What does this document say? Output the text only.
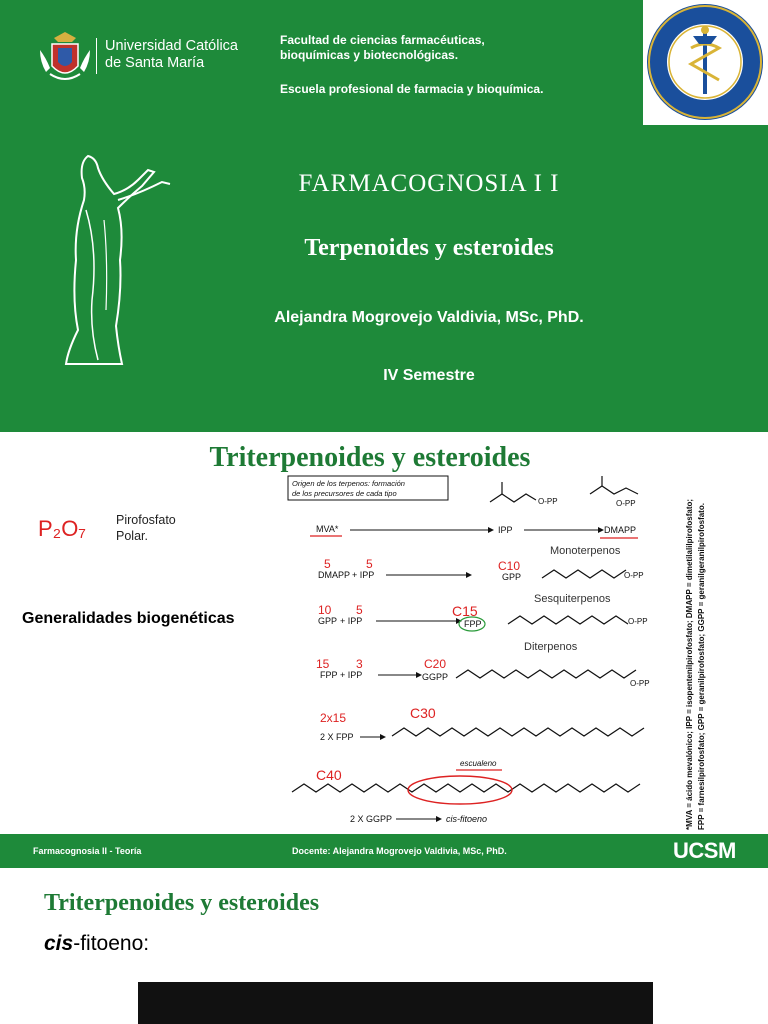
Universidad Católica
de Santa María
Facultad de ciencias farmacéuticas,
bioquímicas y biotecnológicas.
Escuela profesional de farmacia y bioquímica.
FARMACOGNOSIA I I
Terpenoides y esteroides
Alejandra Mogrovejo Valdivia, MSc, PhD.
IV Semestre
Triterpenoides y esteroides
P₂O₇ Pirofosfato
Polar.
Generalidades biogenéticas
Origen de los terpenos: formación
de los precursores de cada tipo
O-PP	O-PP
MVA*	IPP	DMAPP
Monoterpenos
5	5
DMAPP + IPP
C10
GPP	O-PP
Sesquiterpenos
10 5
GPP + IPP
C15
FPP	O-PP
Diterpenos
15 3
FPP + IPP
C20
GGPP
O-PP
2x15	C30
2 X FPP
escualeno
C40
2 X GGPP	cis-fitoeno	*MVA = ácido mevalónico; IPP = isopentenilpirofosfato; DMAPP = dimetilalilpirofosfato; FPP = farnesilpirofosfato; GPP = geranilpirofosfato; GGPP = geranilgeranilpirofosfato.
Farmacognosia II - Teoría	Docente: Alejandra Mogrovejo Valdivia, MSc, PhD.	UCSM
Triterpenoides y esteroides
cis-fitoeno:
